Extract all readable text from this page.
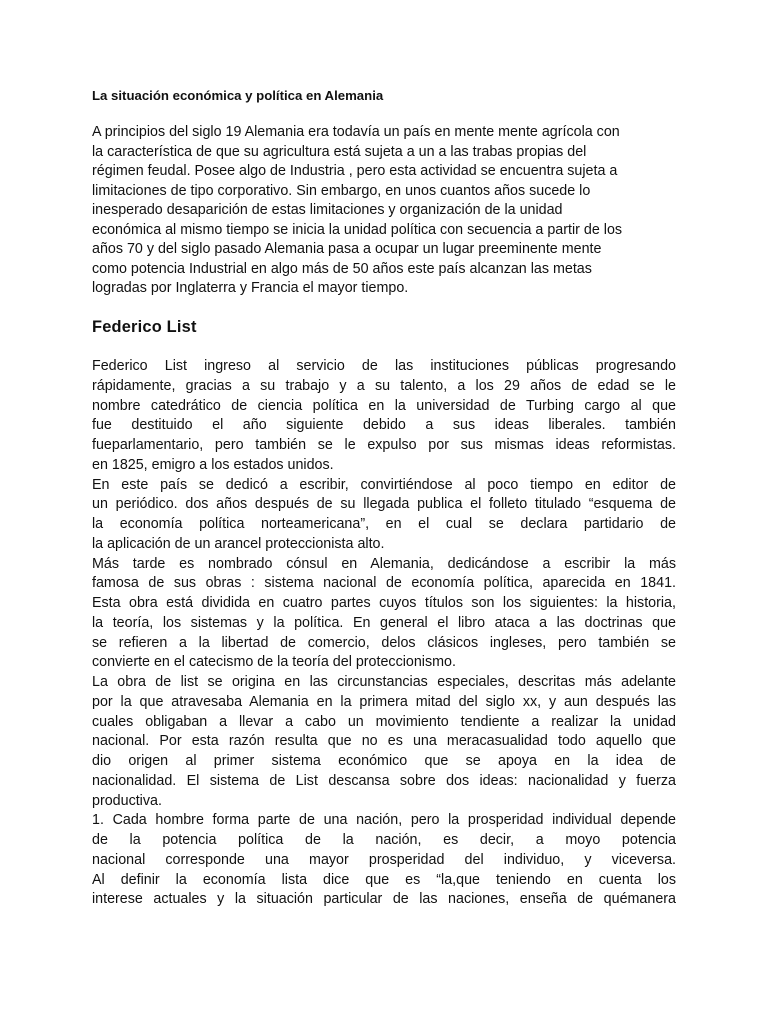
La situación económica y política en Alemania
A principios del siglo 19 Alemania era todavía un país en mente mente agrícola con
la característica de que su agricultura está sujeta a un a las trabas propias del
régimen feudal. Posee algo de Industria , pero esta actividad se encuentra sujeta a
limitaciones de tipo corporativo. Sin embargo, en unos cuantos años sucede lo
inesperado desaparición de estas limitaciones y organización de la unidad
económica al mismo tiempo se inicia la unidad política con secuencia a partir de los
años 70 y del siglo pasado Alemania pasa a ocupar un lugar preeminente mente
como potencia Industrial en algo más de 50 años este país alcanzan las metas
logradas por Inglaterra y Francia el mayor tiempo.
Federico List
Federico List ingreso al servicio de las instituciones públicas progresando
rápidamente, gracias a su trabajo y a su talento, a los 29 años de edad se le
nombre catedrático de ciencia política en la universidad de Turbing cargo al que
fue destituido el año siguiente debido a sus ideas liberales. también
fueparlamentario, pero también se le expulso por sus mismas ideas reformistas.
en 1825, emigro a los estados unidos.
En este país se dedicó a escribir, convirtiéndose al poco tiempo en editor de
un periódico. dos años después de su llegada publica el folleto titulado “esquema de
la economía política norteamericana”, en el cual se declara partidario de
la aplicación de un arancel proteccionista alto.
Más tarde es nombrado cónsul en Alemania, dedicándose a escribir la más
famosa de sus obras : sistema nacional de economía política, aparecida en 1841.
Esta obra está dividida en cuatro partes cuyos títulos son los siguientes: la historia,
la teoría, los sistemas y la política. En general el libro ataca a las doctrinas que
se refieren a la libertad de comercio, delos clásicos ingleses, pero también se
convierte en el catecismo de la teoría del proteccionismo.
La obra de list se origina en las circunstancias especiales, descritas más adelante
por la que atravesaba Alemania en la primera mitad del siglo xx, y aun después las
cuales obligaban a llevar a cabo un movimiento tendiente a realizar la unidad
nacional. Por esta razón resulta que no es una meracasualidad todo aquello que
dio origen al primer sistema económico que se apoya en la idea de
nacionalidad. El sistema de List descansa sobre dos ideas: nacionalidad y fuerza
productiva.
1. Cada hombre forma parte de una nación, pero la prosperidad individual depende
de la potencia política de la nación, es decir, a moyo potencia
nacional corresponde una mayor prosperidad del individuo, y viceversa.
Al definir la economía lista dice que es “la,que teniendo en cuenta los
interese actuales y la situación particular de las naciones, enseña de quémanera
